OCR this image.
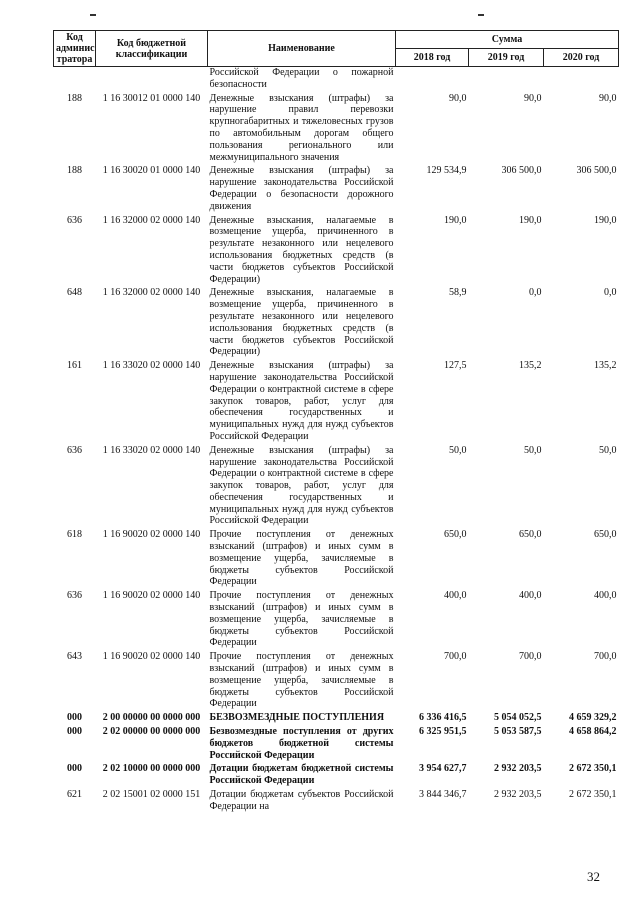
Код админис тратора	Код бюджетной классификации	Наименование	Сумма		
			2018 год	2019 год	2020 год
		Российской Федерации о пожарной безопасности			
188	1 16 30012 01 0000 140	Денежные взыскания (штрафы) за нарушение правил перевозки крупногабаритных и тяжеловесных грузов по автомобильным дорогам общего пользования регионального или межмуниципального значения	90,0	90,0	90,0
188	1 16 30020 01 0000 140	Денежные взыскания (штрафы) за нарушение законодательства Российской Федерации о безопасности дорожного движения	129 534,9	306 500,0	306 500,0
636	1 16 32000 02 0000 140	Денежные взыскания, налагаемые в возмещение ущерба, причиненного в результате незаконного или нецелевого использования бюджетных средств (в части бюджетов субъектов Российской Федерации)	190,0	190,0	190,0
648	1 16 32000 02 0000 140	Денежные взыскания, налагаемые в возмещение ущерба, причиненного в результате незаконного или нецелевого использования бюджетных средств (в части бюджетов субъектов Российской Федерации)	58,9	0,0	0,0
161	1 16 33020 02 0000 140	Денежные взыскания (штрафы) за нарушение законодательства Российской Федерации о контрактной системе в сфере закупок товаров, работ, услуг для обеспечения государственных и муниципальных нужд для нужд субъектов Российской Федерации	127,5	135,2	135,2
636	1 16 33020 02 0000 140	Денежные взыскания (штрафы) за нарушение законодательства Российской Федерации о контрактной системе в сфере закупок товаров, работ, услуг для обеспечения государственных и муниципальных нужд для нужд субъектов Российской Федерации	50,0	50,0	50,0
618	1 16 90020 02 0000 140	Прочие поступления от денежных взысканий (штрафов) и иных сумм в возмещение ущерба, зачисляемые в бюджеты субъектов Российской Федерации	650,0	650,0	650,0
636	1 16 90020 02 0000 140	Прочие поступления от денежных взысканий (штрафов) и иных сумм в возмещение ущерба, зачисляемые в бюджеты субъектов Российской Федерации	400,0	400,0	400,0
643	1 16 90020 02 0000 140	Прочие поступления от денежных взысканий (штрафов) и иных сумм в возмещение ущерба, зачисляемые в бюджеты субъектов Российской Федерации	700,0	700,0	700,0
000	2 00 00000 00 0000 000	БЕЗВОЗМЕЗДНЫЕ ПОСТУПЛЕНИЯ	6 336 416,5	5 054 052,5	4 659 329,2
000	2 02 00000 00 0000 000	Безвозмездные поступления от других бюджетов бюджетной системы Российской Федерации	6 325 951,5	5 053 587,5	4 658 864,2
000	2 02 10000 00 0000 000	Дотации бюджетам бюджетной системы Российской Федерации	3 954 627,7	2 932 203,5	2 672 350,1
621	2 02 15001 02 0000 151	Дотации бюджетам субъектов Российской Федерации на	3 844 346,7	2 932 203,5	2 672 350,1
32
